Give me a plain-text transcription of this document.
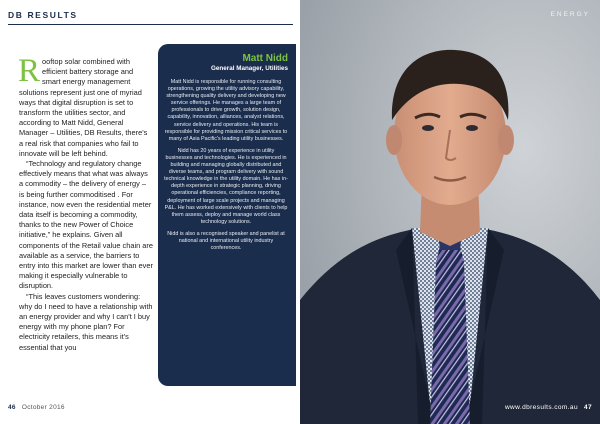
DB RESULTS

Rooftop solar combined with efficient battery storage and smart energy management solutions represent just one of myriad ways that digital disruption is set to transform the utilities sector, and according to Matt Nidd, General Manager – Utilities, DB Results, there's a real risk that companies who fail to innovate will be left behind.

“Technology and regulatory change effectively means that what was always a commodity – the delivery of energy – is being further commoditised . For instance, now even the residential meter data itself is becoming a commodity, thanks to the new Power of Choice initiative,” he explains. Given all components of the Retail value chain are available as a service, the barriers to entry into this market are lower than ever making it especially vulnerable to disruption.

“This leaves customers wondering: why do I need to have a relationship with an energy provider and why I can't I buy energy with my phone plan? For electricity retailers, this means it's essential that you

Matt Nidd
General Manager, Utilities

Matt Nidd is responsible for running consulting operations, growing the utility advisory capability, strengthening quality delivery and developing new service offerings. He manages a large team of professionals to drive growth, solution design, capability, innovation, alliances, analyst relations, service delivery and operations. His team is responsible for providing mission critical services to many of Asia Pacific's leading utility businesses.

Nidd has 20 years of experience in utility businesses and technologies. He is experienced in building and managing globally distributed and diverse teams, and program delivery with sound technical knowledge in the utility domain. He has in-depth experience in strategic planning, driving operational efficiencies, compliance reporting, deployment of large scale projects and managing P&L. He has worked extensively with clients to help them assess, deploy and manage world class technology solutions.

Nidd is also a recognised speaker and panelist at national and international utility industry conferences.

46 October 2016
ENERGY
www.dbresults.com.au 47
